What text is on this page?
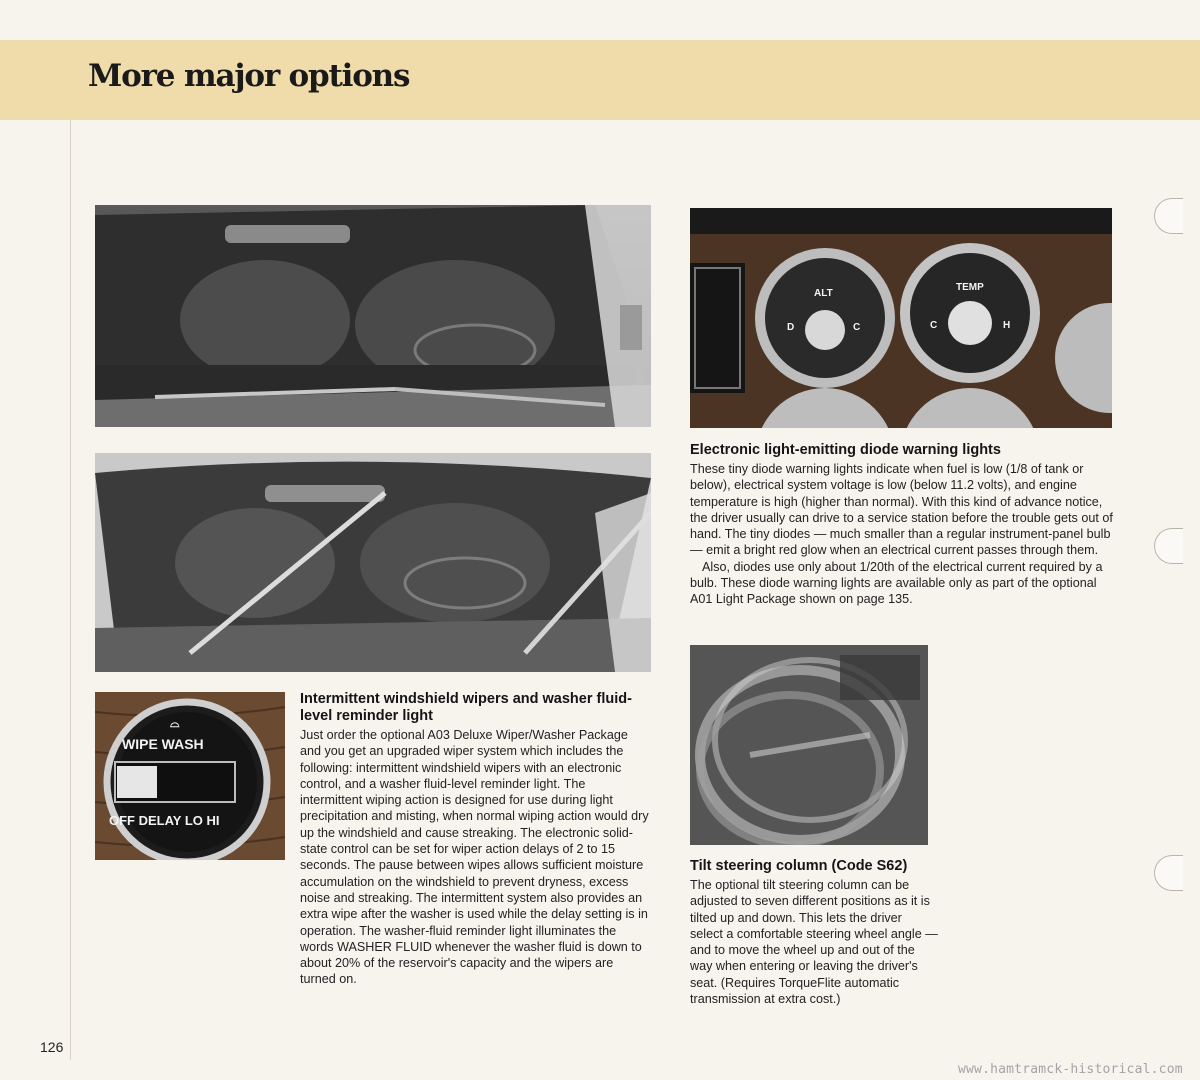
More major options
⌓
WIPE WASH
OFF DELAY LO HI
ALT
D	C
TEMP
C	H
Intermittent windshield wipers and washer fluid-level reminder light

Just order the optional A03 Deluxe Wiper/Washer Package and you get an upgraded wiper system which includes the following: intermittent windshield wipers with an electronic control, and a washer fluid-level reminder light. The intermittent wiping action is designed for use during light precipitation and misting, when normal wiping action would dry up the windshield and cause streaking. The electronic solid-state control can be set for wiper action delays of 2 to 15 seconds. The pause between wipes allows sufficient moisture accumulation on the windshield to prevent dryness, excess noise and streaking. The intermittent system also provides an extra wipe after the washer is used while the delay setting is in operation. The washer-fluid reminder light illuminates the words WASHER FLUID whenever the washer fluid is down to about 20% of the reservoir's capacity and the wipers are turned on.

Electronic light-emitting diode warning lights

These tiny diode warning lights indicate when fuel is low (1/8 of tank or below), electrical system voltage is low (below 11.2 volts), and engine temperature is high (higher than normal). With this kind of advance notice, the driver usually can drive to a service station before the trouble gets out of hand. The tiny diodes — much smaller than a regular instrument-panel bulb — emit a bright red glow when an electrical current passes through them.

Also, diodes use only about 1/20th of the electrical current required by a bulb. These diode warning lights are available only as part of the optional A01 Light Package shown on page 135.

Tilt steering column (Code S62)

The optional tilt steering column can be adjusted to seven different positions as it is tilted up and down. This lets the driver select a comfortable steering wheel angle — and to move the wheel up and out of the way when entering or leaving the driver's seat. (Requires TorqueFlite automatic transmission at extra cost.)

126
www.hamtramck-historical.com
